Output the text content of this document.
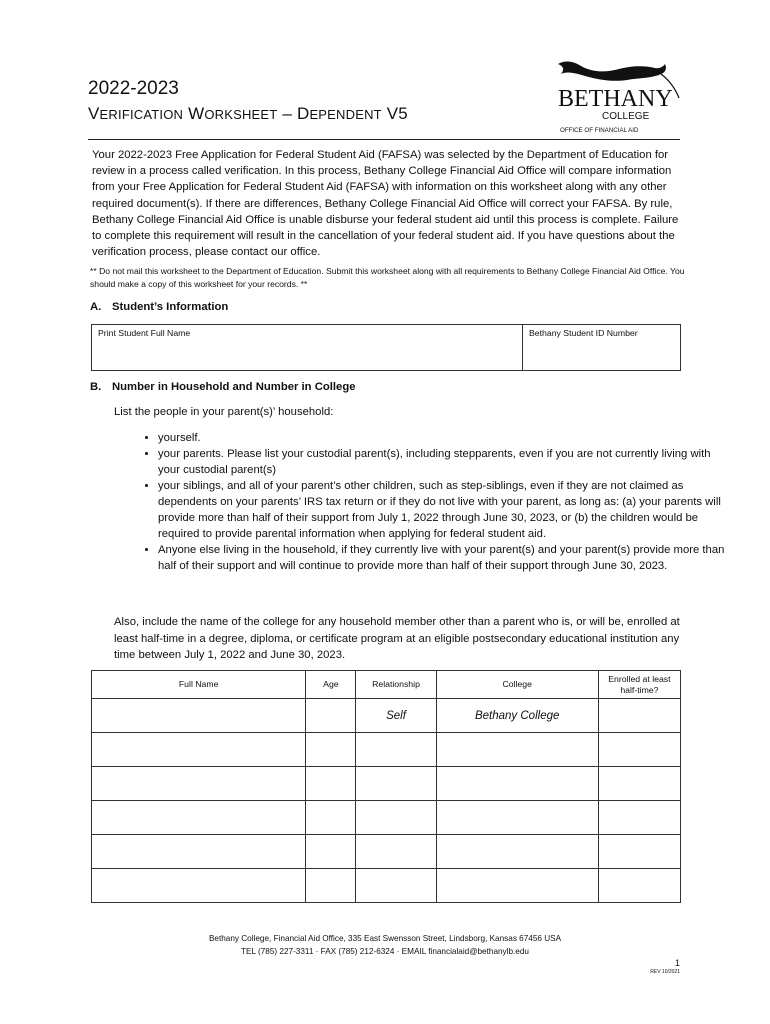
2022-2023
VERIFICATION WORKSHEET – DEPENDENT V5
BETHANY
COLLEGE
OFFICE OF FINANCIAL AID
Your 2022-2023 Free Application for Federal Student Aid (FAFSA) was selected by the Department of Education for review in a process called verification. In this process, Bethany College Financial Aid Office will compare information from your Free Application for Federal Student Aid (FAFSA) with information on this worksheet along with any other required document(s). If there are differences, Bethany College Financial Aid Office will correct your FAFSA. By rule, Bethany College Financial Aid Office is unable disburse your federal student aid until this process is complete. Failure to complete this requirement will result in the cancellation of your federal student aid. If you have questions about the verification process, please contact our office.
** Do not mail this worksheet to the Department of Education. Submit this worksheet along with all requirements to Bethany College Financial Aid Office. You should make a copy of this worksheet for your records. **
A. Student’s Information
Print Student Full Name	Bethany Student ID Number
B. Number in Household and Number in College
List the people in your parent(s)’ household:
• yourself.
• your parents. Please list your custodial parent(s), including stepparents, even if you are not currently living with your custodial parent(s)
• your siblings, and all of your parent’s other children, such as step-siblings, even if they are not claimed as dependents on your parents’ IRS tax return or if they do not live with your parent, as long as: (a) your parents will provide more than half of their support from July 1, 2022 through June 30, 2023, or (b) the children would be required to provide parental information when applying for federal student aid.
• Anyone else living in the household, if they currently live with your parent(s) and your parent(s) provide more than half of their support and will continue to provide more than half of their support through June 30, 2023.
Also, include the name of the college for any household member other than a parent who is, or will be, enrolled at least half-time in a degree, diploma, or certificate program at an eligible postsecondary educational institution any time between July 1, 2022 and June 30, 2023.
Full Name	Age	Relationship	College	Enrolled at least half-time?
		Self	Bethany College	

Bethany College, Financial Aid Office, 335 East Swensson Street, Lindsborg, Kansas 67456 USA
TEL (785) 227-3311 · FAX (785) 212-6324 · EMAIL financialaid@bethanylb.edu
1
REV 10/2021
